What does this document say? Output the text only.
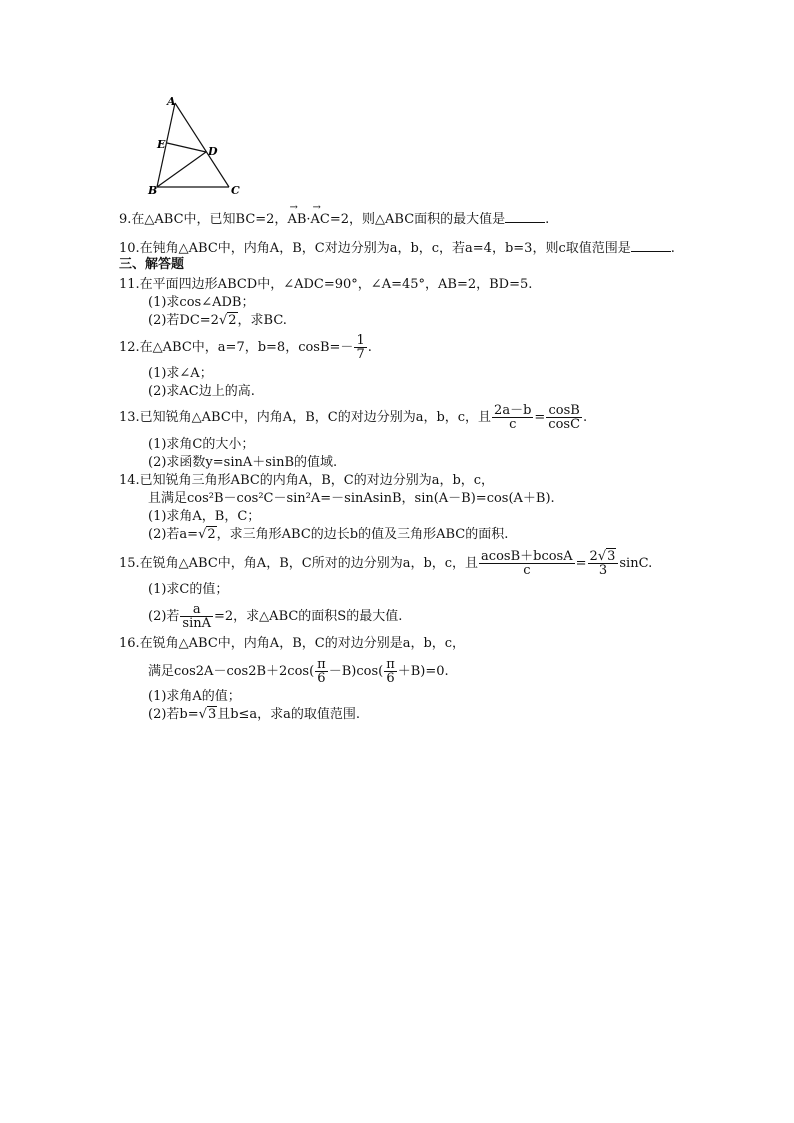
A
E
D
B	C
9.在△ABC中，已知BC=2，
→
AB·
→
AC=2，则△ABC面积的最大值是	.
10.在钝角△ABC中，内角A，B，C对边分别为a，b，c，若a=4，b=3，则c取值范围是	.
三、解答题
11.在平面四边形ABCD中，∠ADC=90°，∠A=45°，AB=2，BD=5.
(1)求cos∠ADB；
(2)若DC=2√2，求BC.
12.在△ABC中，a=7，b=8，$\cos B=- \frac{1}{7}$ .
(1)求∠A；
(2)求AC边上的高.
13.已知锐角△ABC中，内角A，B，C的对边分别为a，b，c，且 $\frac{2a-b}{c} = \frac{\cos B}{\cos C}$ .
(1)求角C的大小；
(2)求函数y=sinA＋sinB的值域.
14.已知锐角三角形ABC的内角A，B，C的对边分别为a，b，c，
且满足cos²B－cos²C－sin²A=－sinAsinB，sin(A－B)=cos(A＋B).
(1)求角A，B，C；
(2)若a=√2，求三角形ABC的边长b的值及三角形ABC的面积.
15.在锐角△ABC中，角A，B，C所对的边分别为a，b，c，且 $\frac{acosB+bcosA}{c} = \frac{2√3}{3} \sin C$.
(1)求C的值；
(2)若 $\frac{a}{\sin A} =2$，求△ABC的面积S的最大值.
16.在锐角△ABC中，内角A，B，C的对边分别是a，b，c，
满足$\cos 2A-\cos 2B+2\cos( \frac{\pi}{6} -B)\cos( \frac{\pi}{6} +B)=0$.
(1)求角A的值；
(2)若b=√3且b≤a，求a的取值范围.
